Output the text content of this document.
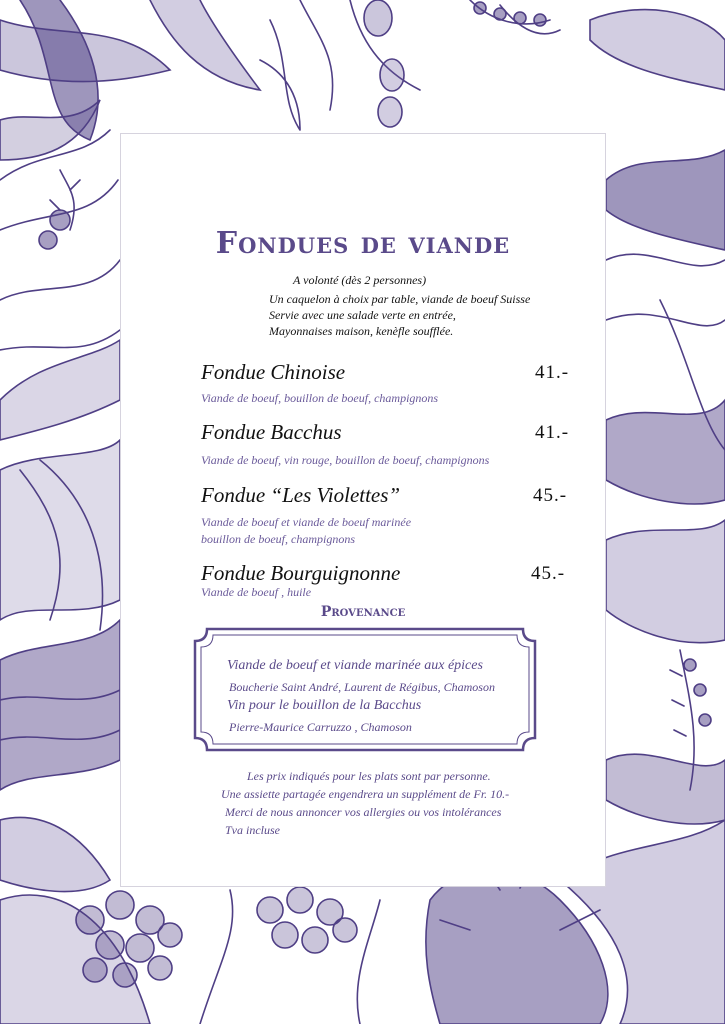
Fondues de viande
A volonté (dès 2 personnes)
Un caquelon à choix par table, viande de boeuf Suisse
Servie avec une salade verte en entrée,
Mayonnaises maison, kenèfle soufflée.
Fondue Chinoise	41.-
Viande de boeuf, bouillon de boeuf, champignons
Fondue Bacchus	41.-
Viande de boeuf, vin rouge, bouillon de boeuf, champignons
Fondue “Les Violettes”	45.-
Viande de boeuf et viande de boeuf marinée
bouillon de boeuf, champignons
Fondue Bourguignonne	45.-
Viande de boeuf , huile
Provenance
Viande de boeuf et viande marinée aux épices
Boucherie Saint André, Laurent de Régibus, Chamoson
Vin pour le bouillon de la Bacchus
Pierre-Maurice Carruzzo , Chamoson
Les prix indiqués pour les plats sont par personne.
Une assiette partagée engendrera un supplément de Fr. 10.-
Merci de nous annoncer vos allergies ou vos intolérances
Tva incluse
